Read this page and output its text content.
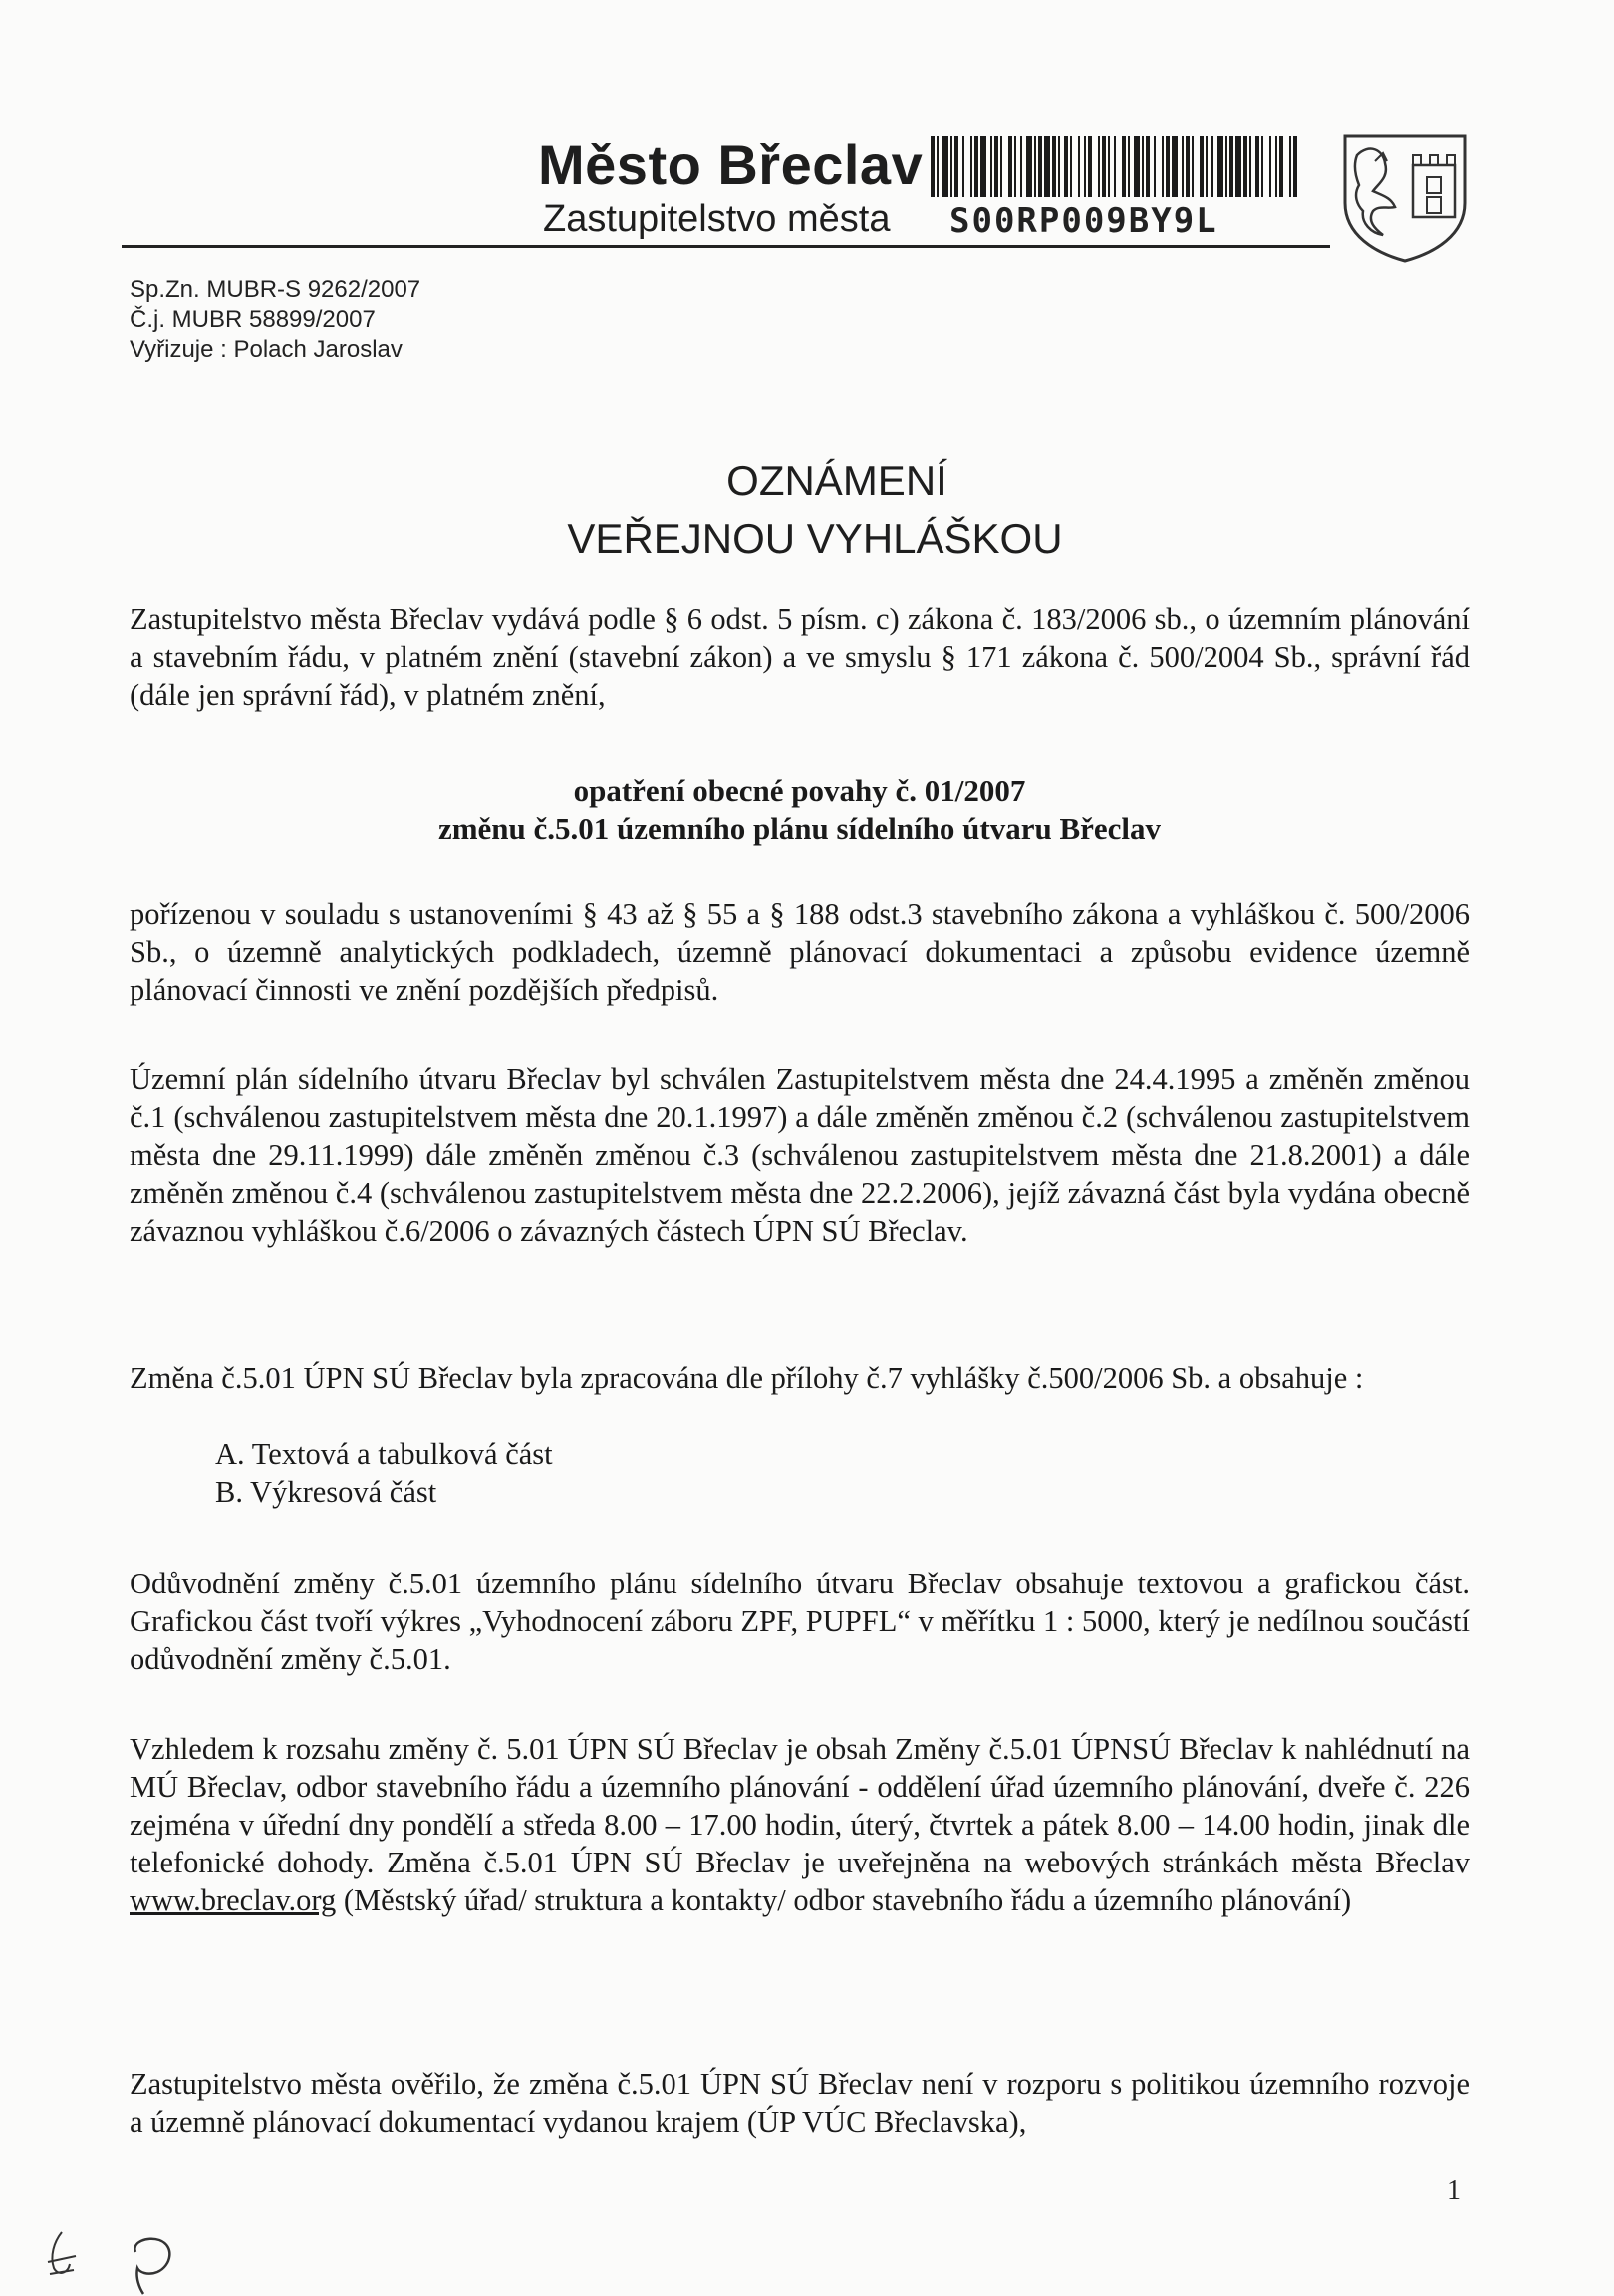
Město Břeclav
Zastupitelstvo města S00RP009BY9L
Sp.Zn. MUBR-S 9262/2007
Č.j. MUBR 58899/2007
Vyřizuje : Polach Jaroslav
OZNÁMENÍ
VEŘEJNOU VYHLÁŠKOU

Zastupitelstvo města Břeclav vydává podle § 6 odst. 5 písm. c) zákona č. 183/2006 sb., o územním plánování a stavebním řádu, v platném znění (stavební zákon) a ve smyslu § 171 zákona č. 500/2004 Sb., správní řád (dále jen správní řád), v platném znění,

opatření obecné povahy č. 01/2007
změnu č.5.01 územního plánu sídelního útvaru Břeclav

pořízenou v souladu s ustanoveními § 43 až § 55 a § 188 odst.3 stavebního zákona a vyhláškou č. 500/2006 Sb., o územně analytických podkladech, územně plánovací dokumentaci a způsobu evidence územně plánovací činnosti ve znění pozdějších předpisů.

Územní plán sídelního útvaru Břeclav byl schválen Zastupitelstvem města dne 24.4.1995 a změněn změnou č.1 (schválenou zastupitelstvem města dne 20.1.1997) a dále změněn změnou č.2 (schválenou zastupitelstvem města dne 29.11.1999) dále změněn změnou č.3 (schválenou zastupitelstvem města dne 21.8.2001) a dále změněn změnou č.4 (schválenou zastupitelstvem města dne 22.2.2006), jejíž závazná část byla vydána obecně závaznou vyhláškou č.6/2006 o závazných částech ÚPN SÚ Břeclav.

Změna č.5.01 ÚPN SÚ Břeclav byla zpracována dle přílohy č.7 vyhlášky č.500/2006 Sb. a obsahuje :

A. Textová a tabulková část
B. Výkresová část

Odůvodnění změny č.5.01 územního plánu sídelního útvaru Břeclav obsahuje textovou a grafickou část. Grafickou část tvoří výkres „Vyhodnocení záboru ZPF, PUPFL“ v měřítku 1 : 5000, který je nedílnou součástí odůvodnění změny č.5.01.

Vzhledem k rozsahu změny č. 5.01 ÚPN SÚ Břeclav je obsah Změny č.5.01 ÚPNSÚ Břeclav k nahlédnutí na MÚ Břeclav, odbor stavebního řádu a územního plánování - oddělení úřad územního plánování, dveře č. 226 zejména v úřední dny pondělí a středa 8.00 – 17.00 hodin, úterý, čtvrtek a pátek 8.00 – 14.00 hodin, jinak dle telefonické dohody. Změna č.5.01 ÚPN SÚ Břeclav je uveřejněna na webových stránkách města Břeclav www.breclav.org (Městský úřad/ struktura a kontakty/ odbor stavebního řádu a územního plánování)

Zastupitelstvo města ověřilo, že změna č.5.01 ÚPN SÚ Břeclav není v rozporu s politikou územního rozvoje a územně plánovací dokumentací vydanou krajem (ÚP VÚC Břeclavska),

1
